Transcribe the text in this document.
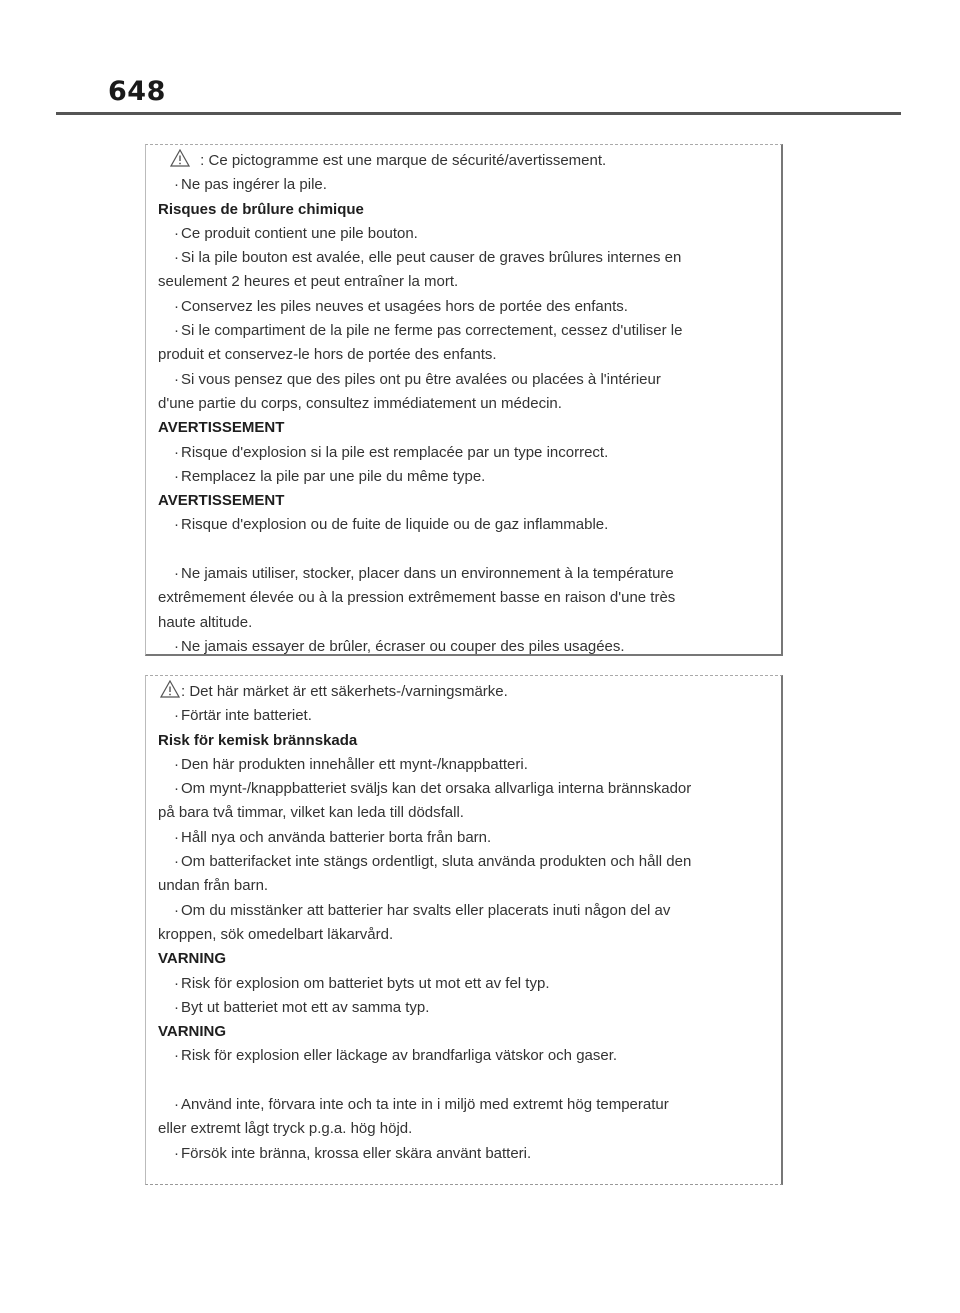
648
: Ce pictogramme est une marque de sécurité/avertissement.
· Ne pas ingérer la pile.
Risques de brûlure chimique
· Ce produit contient une pile bouton.
· Si la pile bouton est avalée, elle peut causer de graves brûlures internes en
seulement 2 heures et peut entraîner la mort.
· Conservez les piles neuves et usagées hors de portée des enfants.
· Si le compartiment de la pile ne ferme pas correctement, cessez d'utiliser le
produit et conservez-le hors de portée des enfants.
· Si vous pensez que des piles ont pu être avalées ou placées à l'intérieur
d'une partie du corps, consultez immédiatement un médecin.
AVERTISSEMENT
· Risque d'explosion si la pile est remplacée par un type incorrect.
· Remplacez la pile par une pile du même type.
AVERTISSEMENT
· Risque d'explosion ou de fuite de liquide ou de gaz inflammable.
· Ne jamais utiliser, stocker, placer dans un environnement à la température
extrêmement élevée ou à la pression extrêmement basse en raison d'une très
haute altitude.
· Ne jamais essayer de brûler, écraser ou couper des piles usagées.
: Det här märket är ett säkerhets-/varningsmärke.
· Förtär inte batteriet.
Risk för kemisk brännskada
· Den här produkten innehåller ett mynt-/knappbatteri.
· Om mynt-/knappbatteriet sväljs kan det orsaka allvarliga interna brännskador
på bara två timmar, vilket kan leda till dödsfall.
· Håll nya och använda batterier borta från barn.
· Om batterifacket inte stängs ordentligt, sluta använda produkten och håll den
undan från barn.
· Om du misstänker att batterier har svalts eller placerats inuti någon del av
kroppen, sök omedelbart läkarvård.
VARNING
· Risk för explosion om batteriet byts ut mot ett av fel typ.
· Byt ut batteriet mot ett av samma typ.
VARNING
· Risk för explosion eller läckage av brandfarliga vätskor och gaser.
· Använd inte, förvara inte och ta inte in i miljö med extremt hög temperatur
eller extremt lågt tryck p.g.a. hög höjd.
· Försök inte bränna, krossa eller skära använt batteri.
